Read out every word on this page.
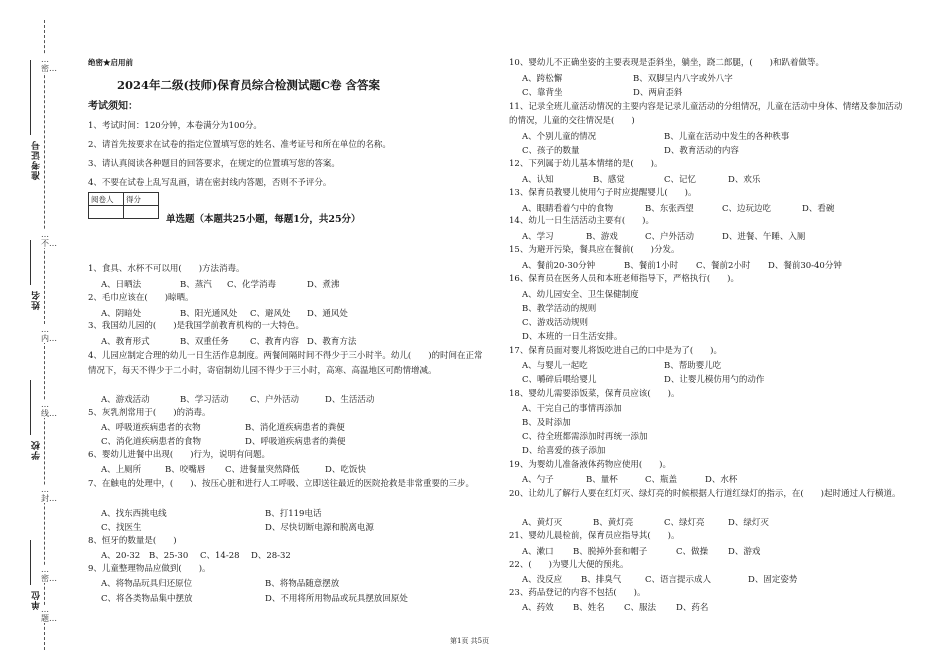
…密…
…不…
…内…
…线…
…封…
…密…
…题…
准考证号
姓名
学校
单位
绝密★启用前
2024年二级(技师)保育员综合检测试题C卷 含答案
考试须知：
1、考试时间：120分钟，本卷满分为100分。
2、请首先按要求在试卷的指定位置填写您的姓名、准考证号和所在单位的名称。
3、请认真阅读各种题目的回答要求，在规定的位置填写您的答案。
4、不要在试卷上乱写乱画，请在密封线内答题，否则不予评分。
阅卷人	得分

单选题（本题共25小题，每题1分，共25分）
1、食具、水杯不可以用(　　)方法消毒。
A、日晒法	B、蒸汽 C、化学消毒	D、煮沸
2、毛巾应该在(　　)晾晒。
A、阴暗处	B、阳光通风处 C、避风处 D、通风处
3、我国幼儿园的(　　)是我国学前教育机构的一大特色。
A、教育形式	B、双重任务	C、教育内容 D、教育方法
4、儿园应制定合理的幼儿一日生活作息制度。两餐间隔时间不得少于三小时半。幼儿(　　)的时间在正常情况下，每天不得少于二小时，寄宿制幼儿园不得少于三小时，高寒、高温地区可酌情增减。
A、游戏活动	B、学习活动	C、户外活动	D、生活活动
5、灰乳剂常用于(　　)的消毒。
A、呼吸道疾病患者的衣物	B、消化道疾病患者的粪便
C、消化道疾病患者的食物	D、呼吸道疾病患者的粪便
6、婴幼儿进餐中出现(　　)行为，说明有问题。
A、上厕所	B、咬嘴唇 C、进餐量突然降低	D、吃饭快
7、在触电的处理中，(　　)、按压心脏和进行人工呼吸、立即送往最近的医院抢救是非常重要的三步。
A、找东西挑电线	B、打119电话
C、找医生	D、尽快切断电源和脱离电源
8、恒牙的数量是(　　)
A、20-32 B、25-30 C、14-28 D、28-32
9、儿童整理物品应做到(　　)。
A、将物品玩具归还原位	B、将物品随意摆放
C、将各类物品集中摆放	D、不用将所用物品或玩具摆放回原处
10、婴幼儿不正确坐姿的主要表现是歪斜坐，躺坐，跷二郎腿，(　　)和趴着做等。
A、跨松懈	B、双脚呈内八字或外八字
C、靠背坐	D、两肩歪斜
11、记录全班儿童活动情况的主要内容是记录儿童活动的分组情况，儿童在活动中身体、情绪及参加活动的情况，儿童的交往情况是(　　)
A、个别儿童的情况	B、儿童在活动中发生的各种秩事
C、孩子的数量	D、教育活动的内容
12、下列属于幼儿基本情绪的是(　　)。
A、认知	B、感觉	C、记忆	D、欢乐
13、保育员教婴儿使用勺子时应提醒婴儿(　　)。
A、眼睛看着勺中的食物	B、东张西望	C、边玩边吃	D、看碗
14、幼儿一日生活活动主要有(　　)。
A、学习	B、游戏	C、户外活动	D、进餐、午睡、入厕
15、为避开污染，餐具应在餐前(　　)分发。
A、餐前20-30分钟	B、餐前1小时 C、餐前2小时 D、餐前30-40分钟
16、保育员在医务人员和本班老师指导下，严格执行(　　)。
A、幼儿园安全、卫生保健制度
B、教学活动的规则
C、游戏活动规则
D、本班的一日生活安排。
17、保育员面对婴儿将饭吃进自己的口中是为了(　　)。
A、与婴儿一起吃	B、帮助婴儿吃
C、嚼碎后喂给婴儿	D、让婴儿模仿用勺的动作
18、婴幼儿需要添饭菜，保育员应该(　　)。
A、干完自己的事情再添加
B、及时添加
C、待全班都需添加时再统一添加
D、给喜爱的孩子添加
19、为婴幼儿准备液体药物应使用(　　)。
A、勺子	B、量杯	C、瓶盖	D、水杯
20、让幼儿了解行人要在红灯灭、绿灯亮的时候根据人行道红绿灯的指示，在(　　)起时通过人行横道。
A、黄灯灭	B、黄灯亮	C、绿灯亮	D、绿灯灭
21、婴幼儿晨检前，保育员应指导其(　　)。
A、漱口 B、脱掉外套和帽子	C、做操 D、游戏
22、(　　)为婴儿大便的预兆。
A、没反应 B、排臭气	C、语言提示成人	D、固定姿势
23、药品登记的内容不包括(　　)。
A、药效 B、姓名 C、服法 D、药名
第1页 共5页
